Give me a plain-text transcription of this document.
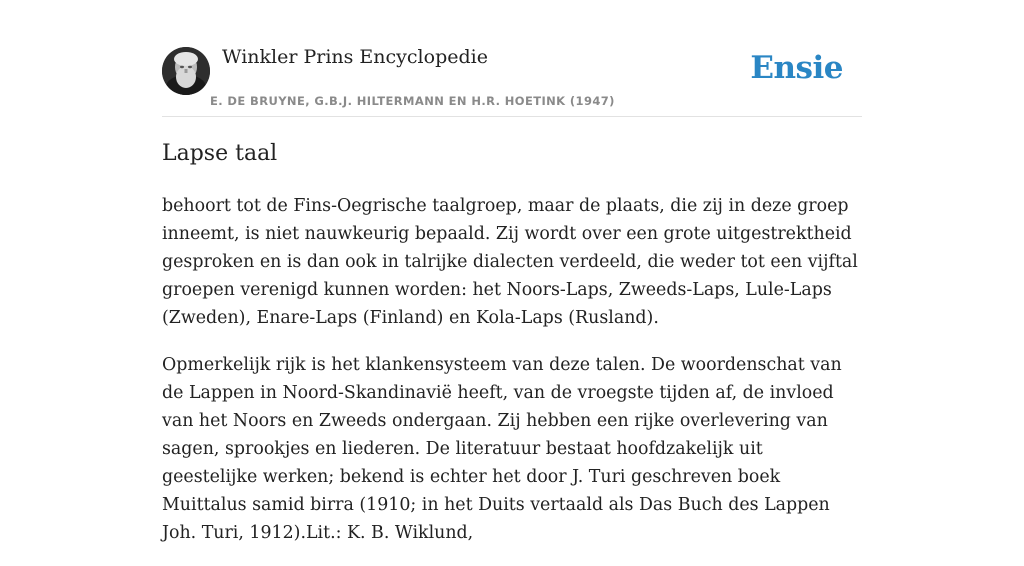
Winkler Prins Encyclopedie
E. DE BRUYNE, G.B.J. HILTERMANN EN H.R. HOETINK (1947)
Ensie
Lapse taal

behoort tot de Fins-Oegrische taalgroep, maar de plaats, die zij in deze groep inneemt, is niet nauwkeurig bepaald. Zij wordt over een grote uitgestrektheid gesproken en is dan ook in talrijke dialecten verdeeld, die weder tot een vijftal groepen verenigd kunnen worden: het Noors-Laps, Zweeds-Laps, Lule-Laps (Zweden), Enare-Laps (Finland) en Kola-Laps (Rusland).

Opmerkelijk rijk is het klankensysteem van deze talen. De woordenschat van de Lappen in Noord-Skandinavië heeft, van de vroegste tijden af, de invloed van het Noors en Zweeds ondergaan. Zij hebben een rijke overlevering van sagen, sprookjes en liederen. De literatuur bestaat hoofdzakelijk uit geestelijke werken; bekend is echter het door J. Turi geschreven boek Muittalus samid birra (1910; in het Duits vertaald als Das Buch des Lappen Joh. Turi, 1912).Lit.: K. B. Wiklund,
